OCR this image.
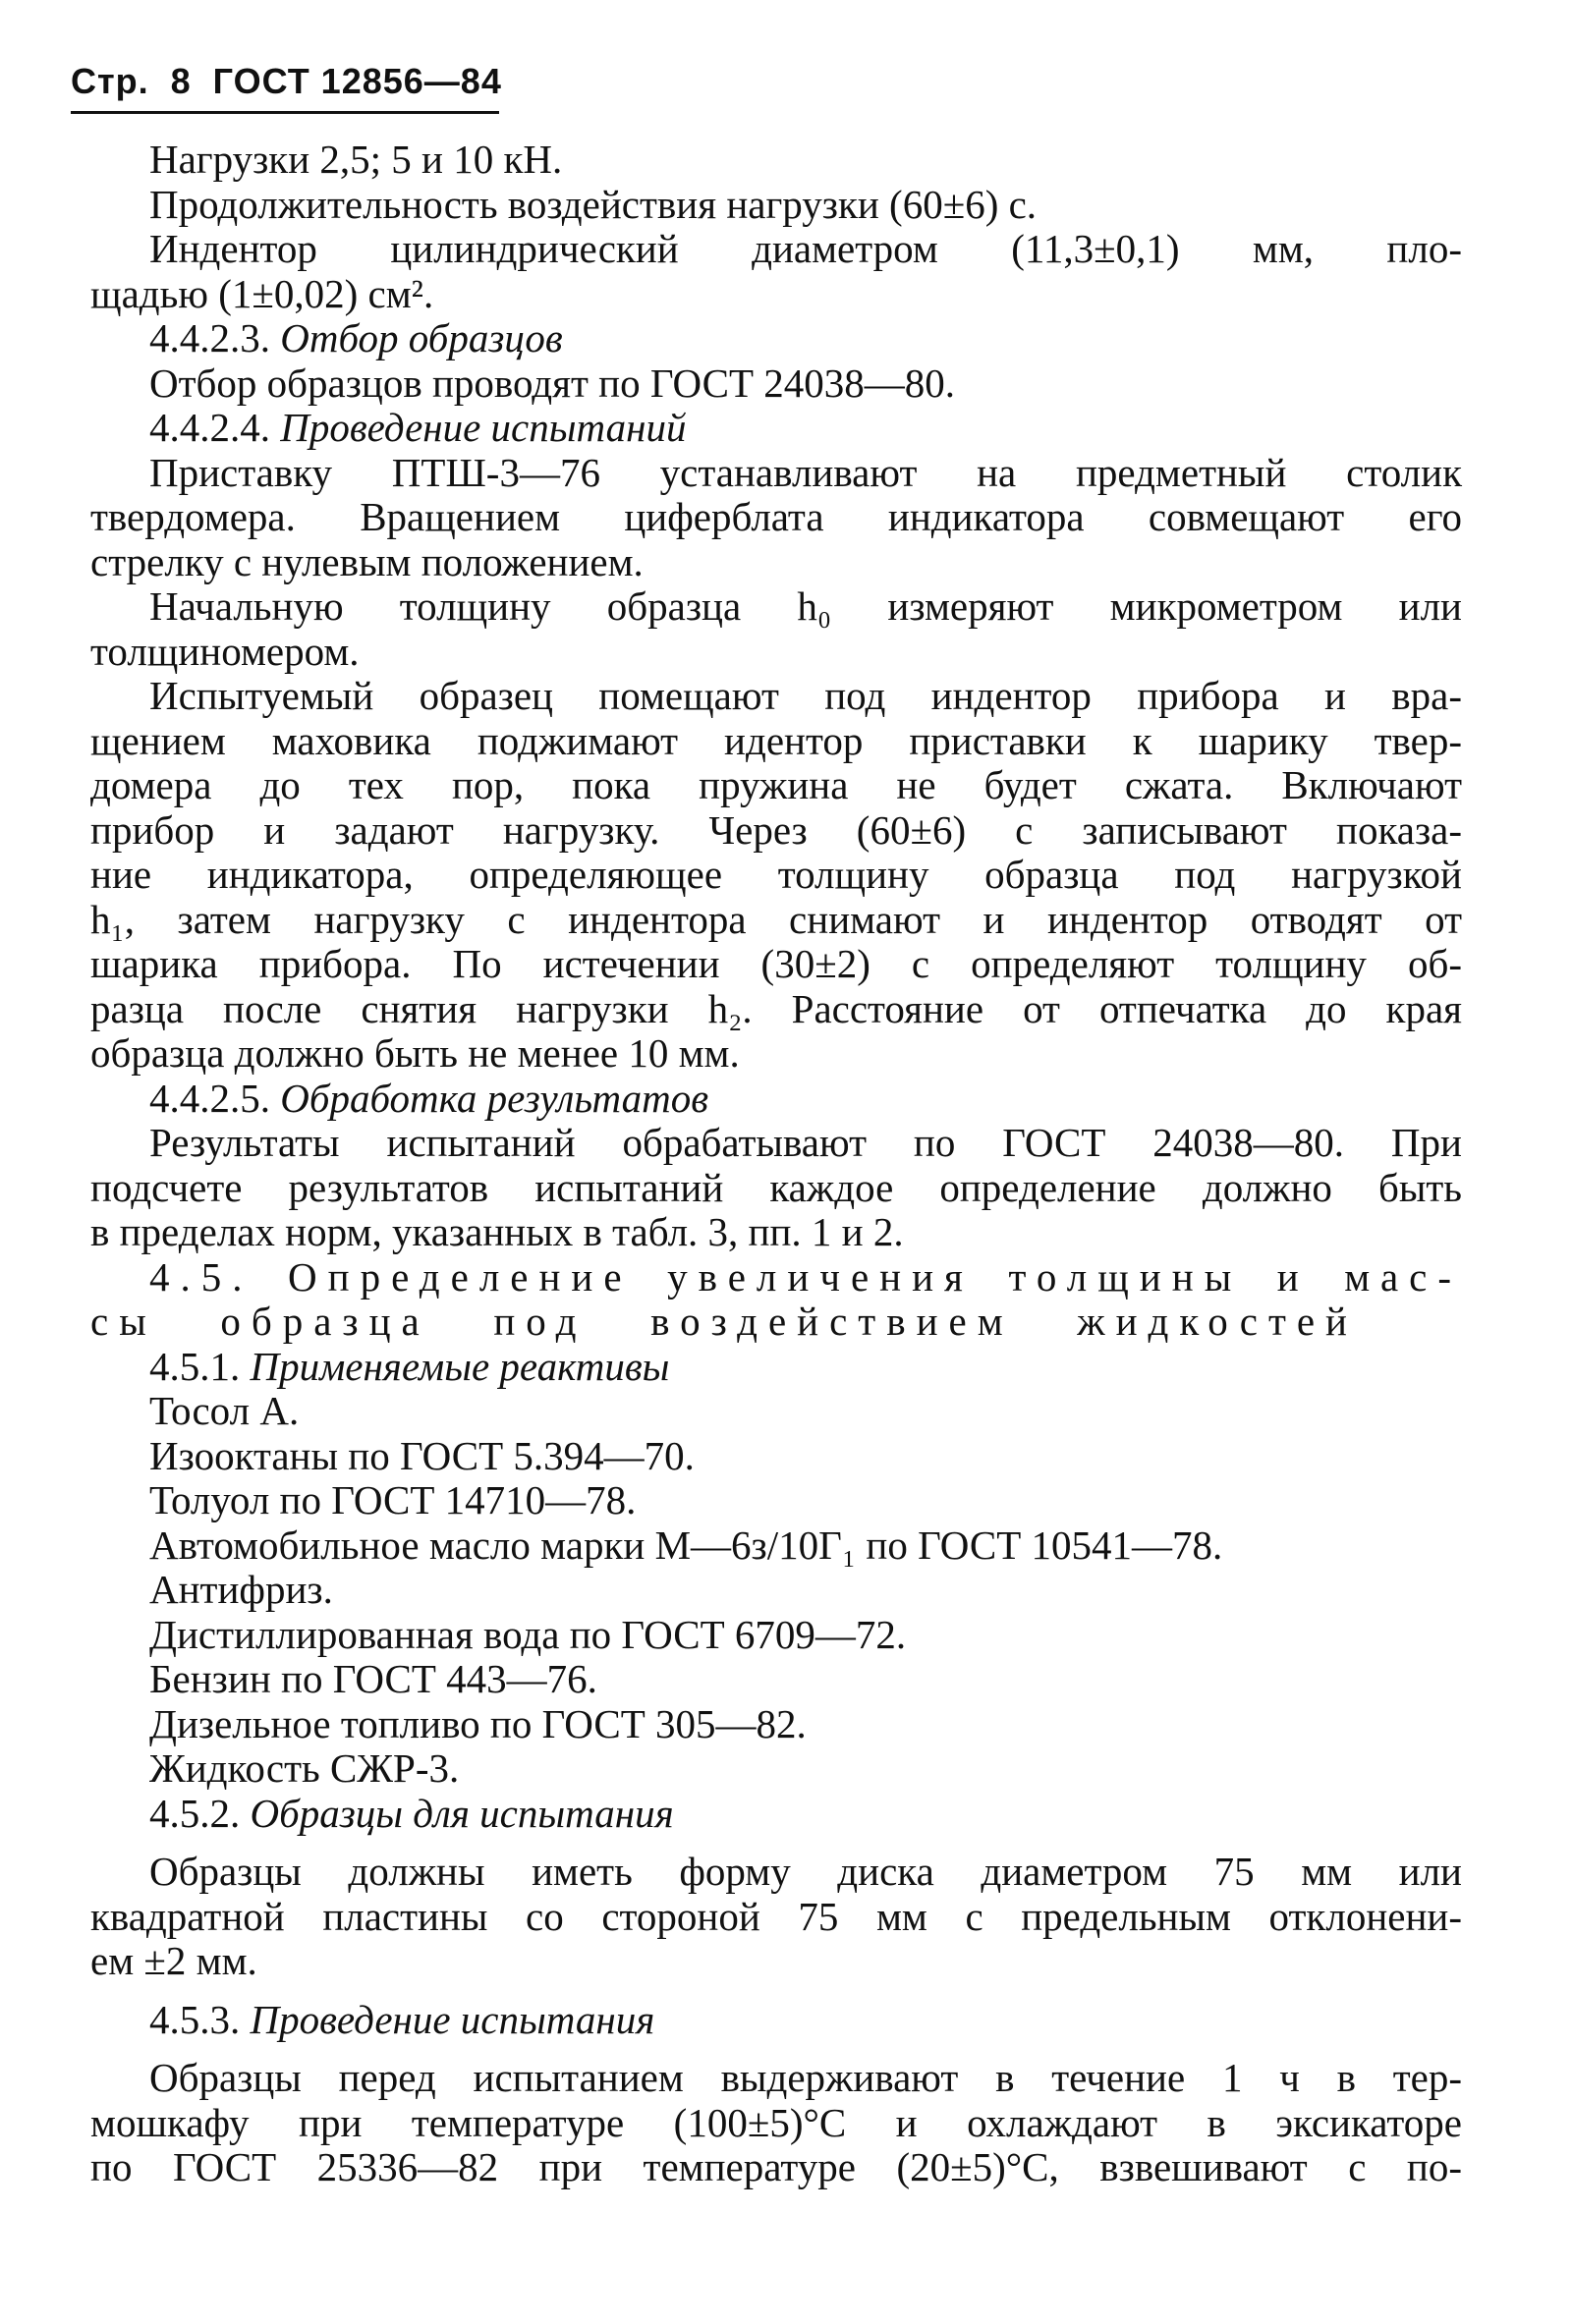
Стр. 8 ГОСТ 12856—84
Нагрузки 2,5; 5 и 10 кН.
Продолжительность воздействия нагрузки (60±6) с.
Индентор цилиндрический диаметром (11,3±0,1) мм, пло-
щадью (1±0,02) см².
4.4.2.3. Отбор образцов
Отбор образцов проводят по ГОСТ 24038—80.
4.4.2.4. Проведение испытаний
Приставку ПТШ-3—76 устанавливают на предметный столик
твердомера. Вращением циферблата индикатора совмещают его
стрелку с нулевым положением.
Начальную толщину образца h₀ измеряют микрометром или
толщиномером.
Испытуемый образец помещают под индентор прибора и вра-
щением маховика поджимают идентор приставки к шарику твер-
домера до тех пор, пока пружина не будет сжата. Включают
прибор и задают нагрузку. Через (60±6) с записывают показа-
ние индикатора, определяющее толщину образца под нагрузкой
h₁, затем нагрузку с индентора снимают и индентор отводят от
шарика прибора. По истечении (30±2) с определяют толщину об-
разца после снятия нагрузки h₂. Расстояние от отпечатка до края
образца должно быть не менее 10 мм.
4.4.2.5. Обработка результатов
Результаты испытаний обрабатывают по ГОСТ 24038—80. При
подсчете результатов испытаний каждое определение должно быть
в пределах норм, указанных в табл. 3, пп. 1 и 2.
4.5. Определение увеличения толщины и мас-
сы образца под воздействием жидкостей
4.5.1. Применяемые реактивы
Тосол А.
Изооктаны по ГОСТ 5.394—70.
Толуол по ГОСТ 14710—78.
Автомобильное масло марки М—6з/10Г₁ по ГОСТ 10541—78.
Антифриз.
Дистиллированная вода по ГОСТ 6709—72.
Бензин по ГОСТ 443—76.
Дизельное топливо по ГОСТ 305—82.
Жидкость СЖР-3.
4.5.2. Образцы для испытания
Образцы должны иметь форму диска диаметром 75 мм или
квадратной пластины со стороной 75 мм с предельным отклонени-
ем ±2 мм.
4.5.3. Проведение испытания
Образцы перед испытанием выдерживают в течение 1 ч в тер-
мошкафу при температуре (100±5)°С и охлаждают в эксикаторе
по ГОСТ 25336—82 при температуре (20±5)°С, взвешивают с по-
